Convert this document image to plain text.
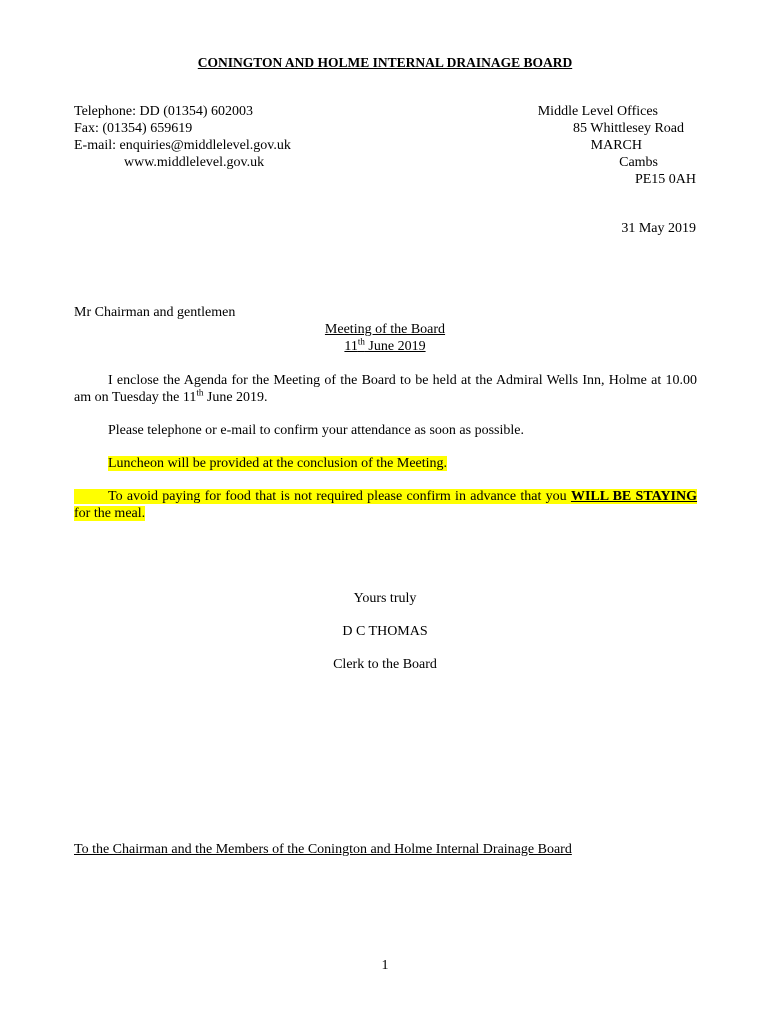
CONINGTON AND HOLME INTERNAL DRAINAGE BOARD
Telephone: DD (01354) 602003
Fax: (01354) 659619
E-mail: enquiries@middlelevel.gov.uk
www.middlelevel.gov.uk
Middle Level Offices
85 Whittlesey Road
MARCH
Cambs
PE15 0AH
31 May 2019
Mr Chairman and gentlemen
Meeting of the Board
11th June 2019
I enclose the Agenda for the Meeting of the Board to be held at the Admiral Wells Inn, Holme at 10.00 am on Tuesday the 11th June 2019.
Please telephone or e-mail to confirm your attendance as soon as possible.
Luncheon will be provided at the conclusion of the Meeting.
To avoid paying for food that is not required please confirm in advance that you WILL BE STAYING for the meal.
Yours truly
D C THOMAS
Clerk to the Board
To the Chairman and the Members of the Conington and Holme Internal Drainage Board
1
